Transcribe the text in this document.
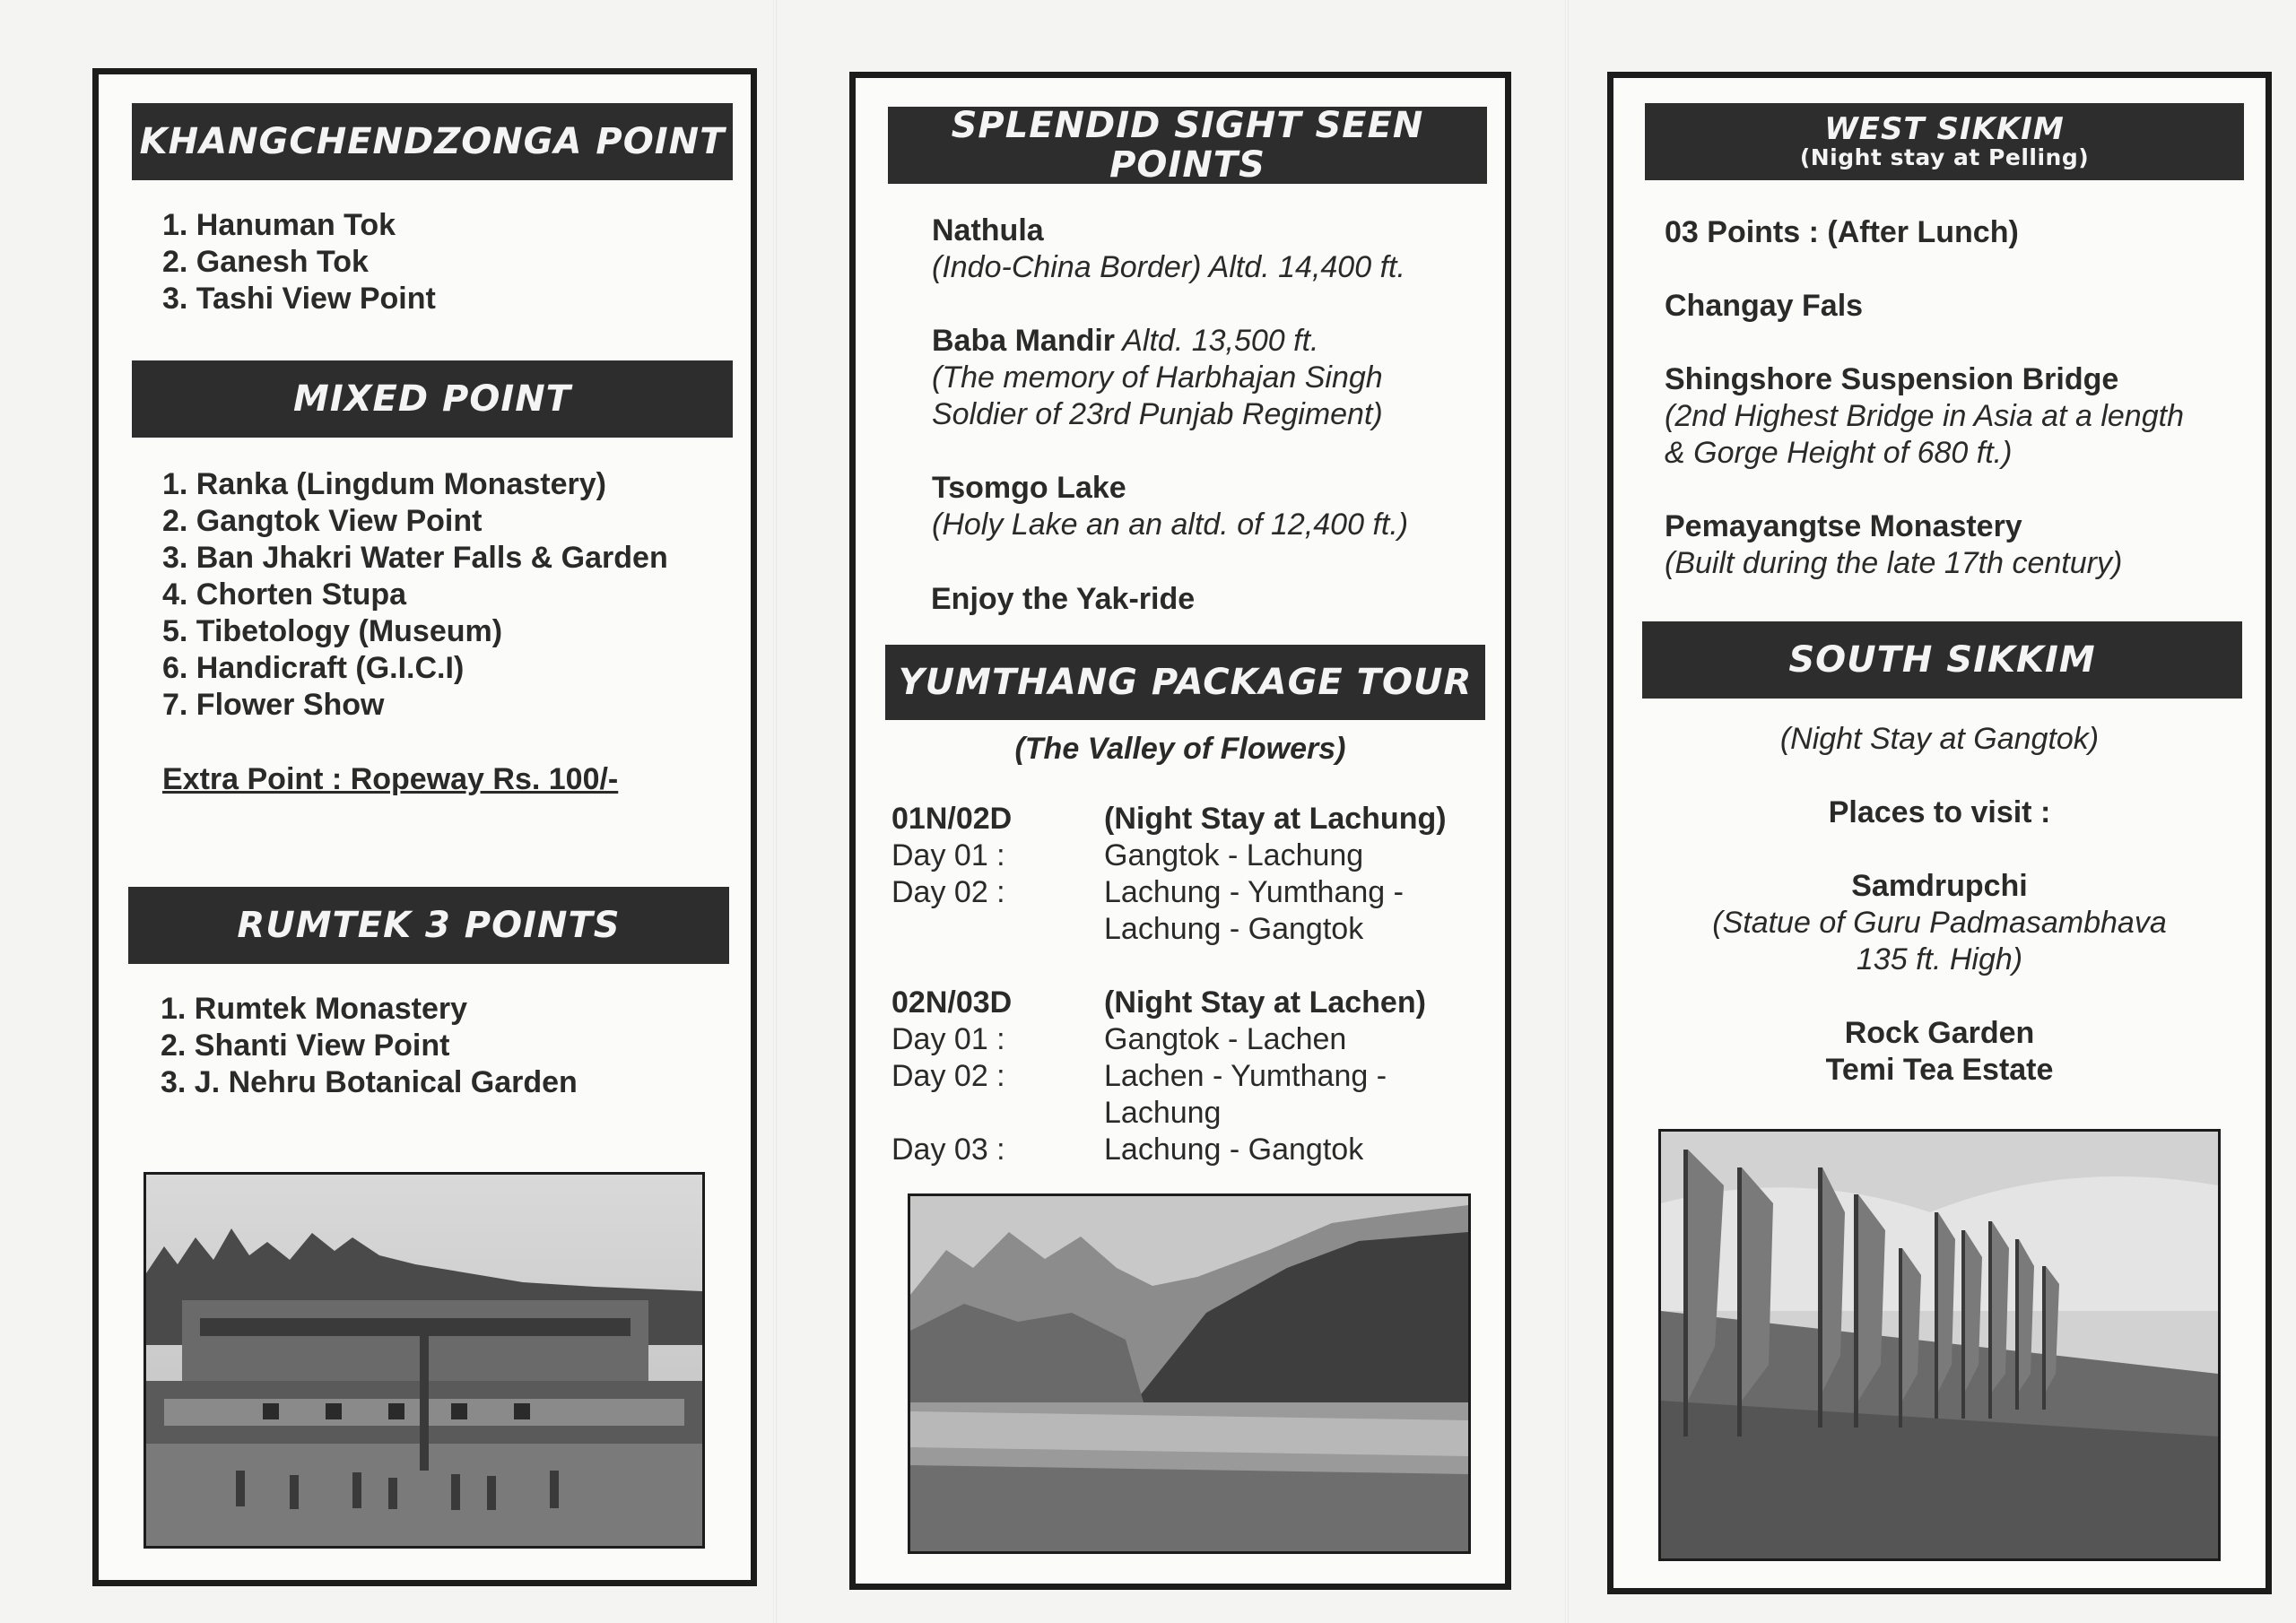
KHANGCHENDZONGA POINT
1. Hanuman Tok
2. Ganesh Tok
3. Tashi View Point
MIXED POINT
1. Ranka (Lingdum Monastery)
2. Gangtok View Point
3. Ban Jhakri Water Falls & Garden
4. Chorten Stupa
5. Tibetology (Museum)
6. Handicraft (G.I.C.I)
7. Flower Show
Extra Point : Ropeway Rs. 100/-
RUMTEK 3 POINTS
1. Rumtek Monastery
2. Shanti View Point
3. J. Nehru Botanical Garden
SPLENDID SIGHT SEEN POINTS
Nathula
(Indo-China Border) Altd. 14,400 ft.
Baba Mandir Altd. 13,500 ft.
(The memory of Harbhajan Singh
Soldier of 23rd Punjab Regiment)
Tsomgo Lake
(Holy Lake an an altd. of 12,400 ft.)
Enjoy the Yak-ride
YUMTHANG PACKAGE TOUR
(The Valley of Flowers)
01N/02D	(Night Stay at Lachung)
Day 01 :	Gangtok - Lachung
Day 02 :	Lachung - Yumthang -
Lachung - Gangtok
02N/03D	(Night Stay at Lachen)
Day 01 :	Gangtok - Lachen
Day 02 :	Lachen - Yumthang -
Lachung
Day 03 :	Lachung - Gangtok
WEST SIKKIM
(Night stay at Pelling)
03 Points : (After Lunch)
Changay Fals
Shingshore Suspension Bridge
(2nd Highest Bridge in Asia at a length
& Gorge Height of 680 ft.)
Pemayangtse Monastery
(Built during the late 17th century)
SOUTH SIKKIM
(Night Stay at Gangtok)
Places to visit :
Samdrupchi
(Statue of Guru Padmasambhava
135 ft. High)
Rock Garden
Temi Tea Estate
